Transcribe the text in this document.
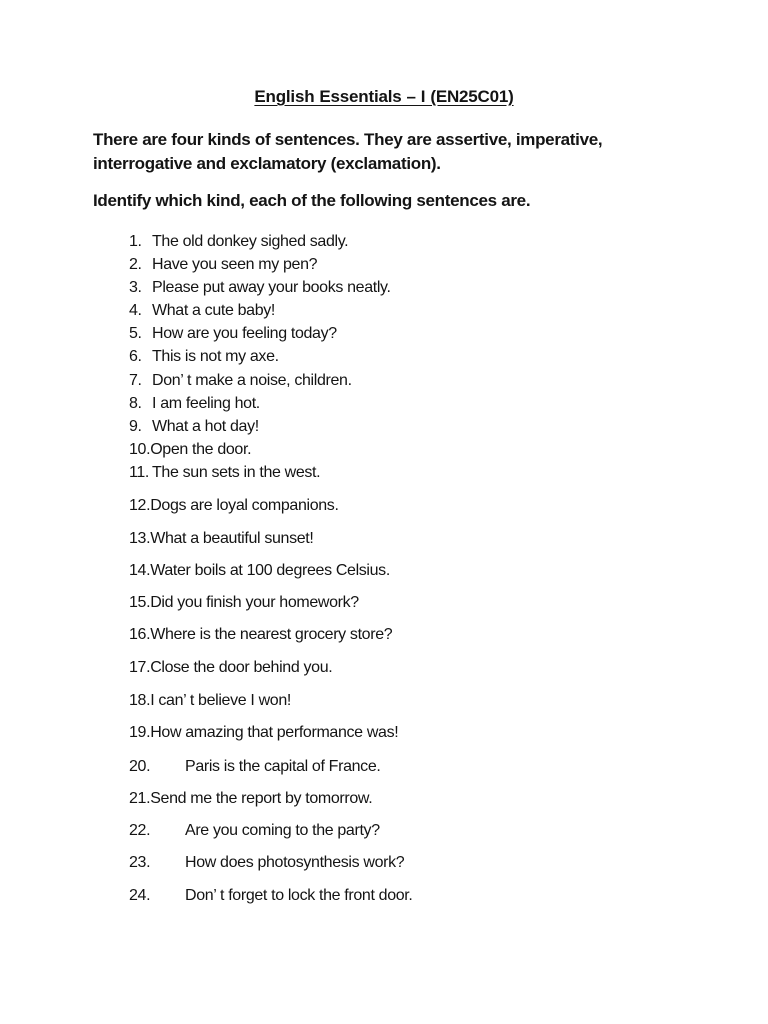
English Essentials – I (EN25C01)
There are four kinds of sentences. They are assertive, imperative, interrogative and exclamatory (exclamation).
Identify which kind, each of the following sentences are.
1. The old donkey sighed sadly.
2. Have you seen my pen?
3. Please put away your books neatly.
4. What a cute baby!
5. How are you feeling today?
6. This is not my axe.
7. Don’ t make a noise, children.
8. I am feeling hot.
9. What a hot day!
10.Open the door.
11. The sun sets in the west.
12.Dogs are loyal companions.
13.What a beautiful sunset!
14.Water boils at 100 degrees Celsius.
15.Did you finish your homework?
16.Where is the nearest grocery store?
17.Close the door behind you.
18.I can’ t believe I won!
19.How amazing that performance was!
20. Paris is the capital of France.
21.Send me the report by tomorrow.
22. Are you coming to the party?
23. How does photosynthesis work?
24. Don’ t forget to lock the front door.
